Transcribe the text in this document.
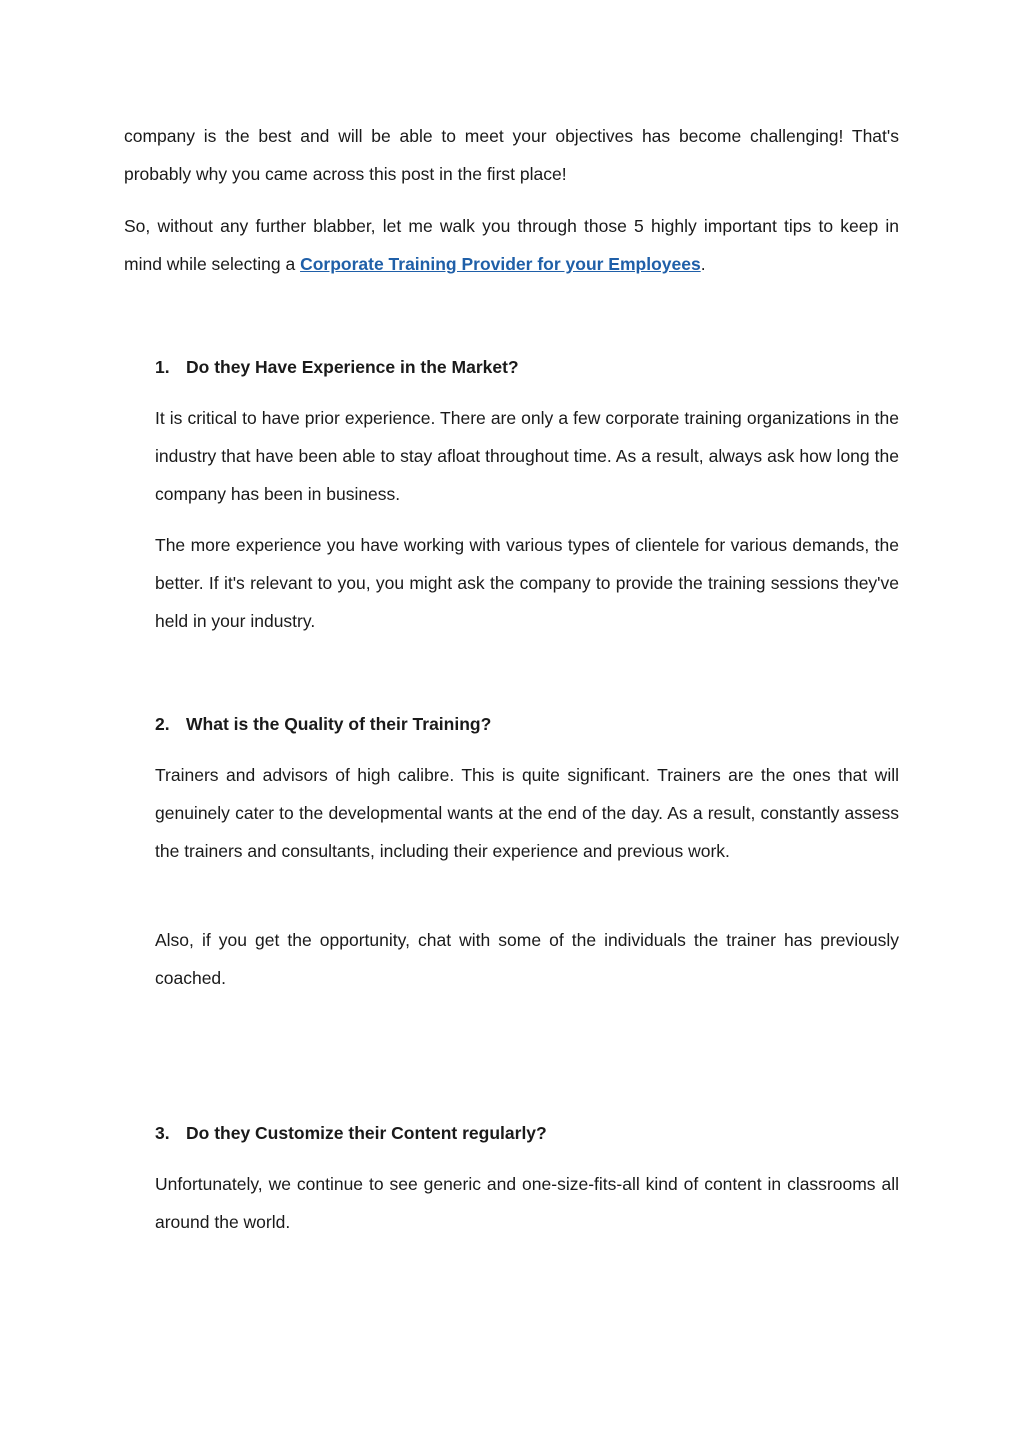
company is the best and will be able to meet your objectives has become challenging! That's probably why you came across this post in the first place!

So, without any further blabber, let me walk you through those 5 highly important tips to keep in mind while selecting a Corporate Training Provider for your Employees.

1. Do they Have Experience in the Market?

It is critical to have prior experience. There are only a few corporate training organizations in the industry that have been able to stay afloat throughout time. As a result, always ask how long the company has been in business.

The more experience you have working with various types of clientele for various demands, the better. If it's relevant to you, you might ask the company to provide the training sessions they've held in your industry.

2. What is the Quality of their Training?

Trainers and advisors of high calibre. This is quite significant. Trainers are the ones that will genuinely cater to the developmental wants at the end of the day. As a result, constantly assess the trainers and consultants, including their experience and previous work.

Also, if you get the opportunity, chat with some of the individuals the trainer has previously coached.

3. Do they Customize their Content regularly?

Unfortunately, we continue to see generic and one-size-fits-all kind of content in classrooms all around the world.
